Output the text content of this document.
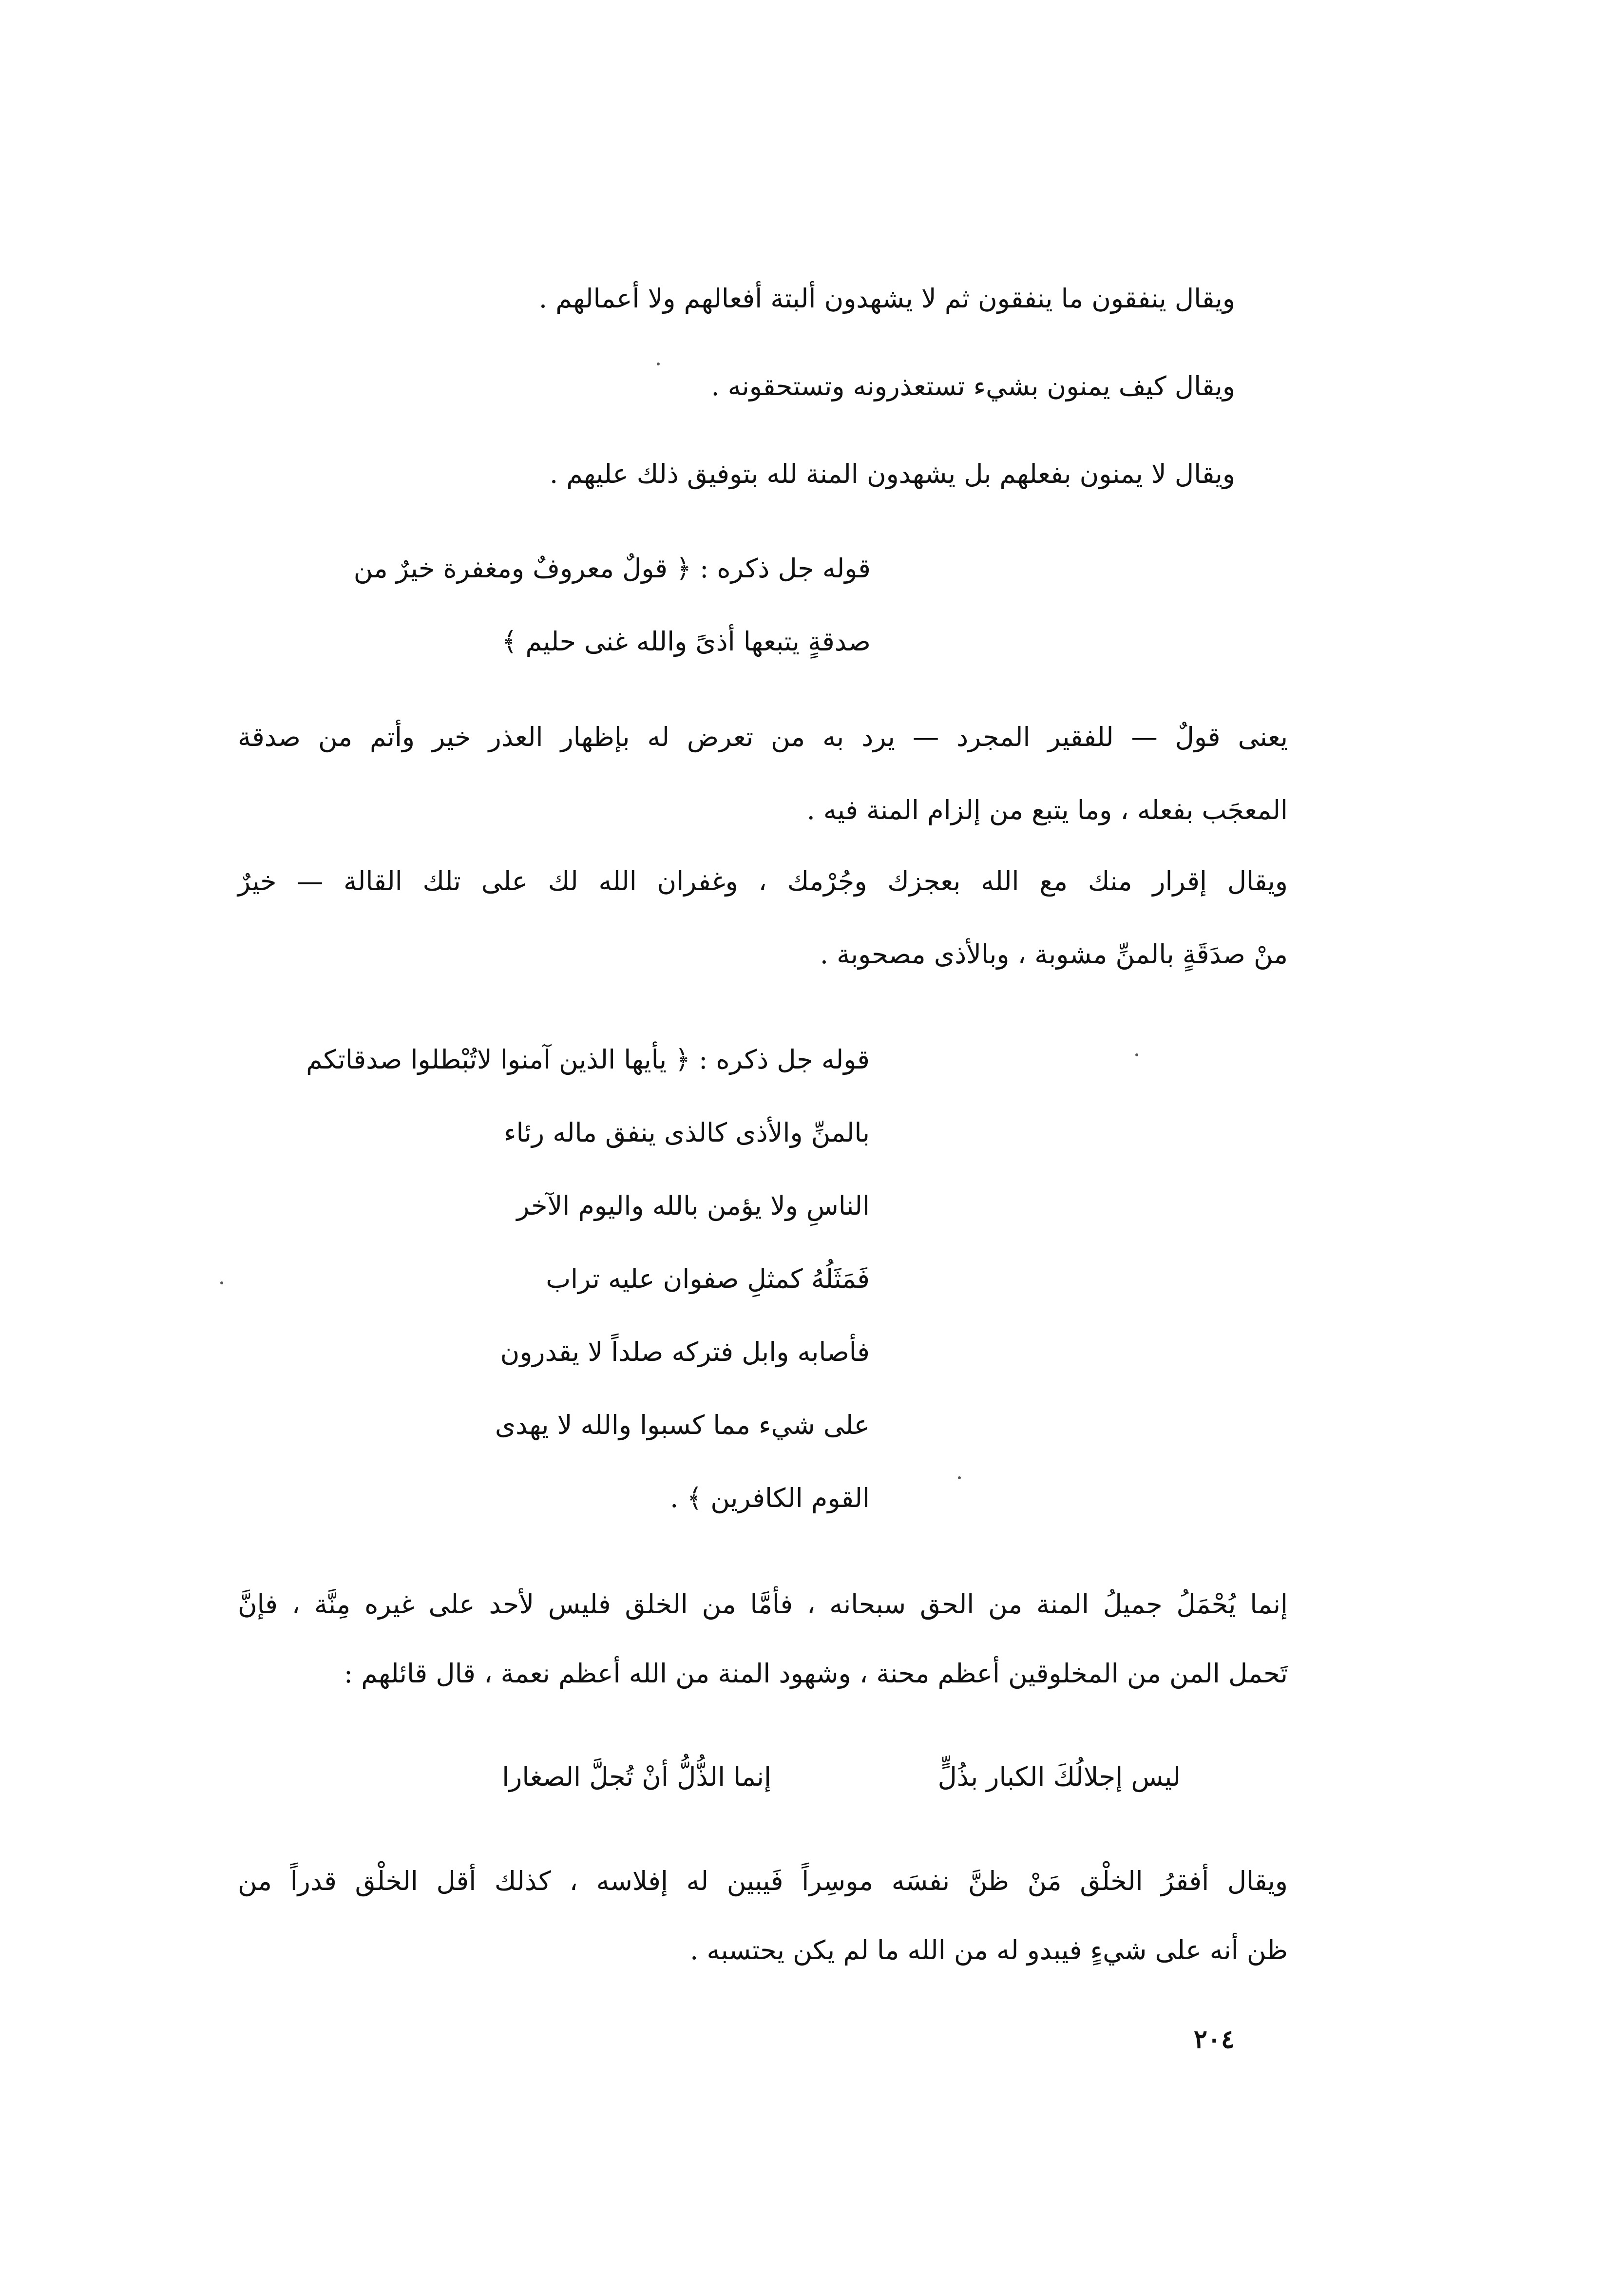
ويقال ينفقون ما ينفقون ثم لا يشهدون ألبتة أفعالهم ولا أعمالهم .
ويقال كيف يمنون بشيء تستعذرونه وتستحقونه .
ويقال لا يمنون بفعلهم بل يشهدون المنة لله بتوفيق ذلك عليهم .
قوله جل ذكره : ﴿ قولٌ معروفٌ ومغفرة خيرٌ من
صدقةٍ يتبعها أذىً والله غنى حليم ﴾
يعنى قولٌ — للفقير المجرد — يرد به من تعرض له بإظهار العذر خير وأتم من صدقة
المعجَب بفعله ، وما يتبع من إلزام المنة فيه .
ويقال إقرار منك مع الله بعجزك وجُرْمك ، وغفران الله لك على تلك القالة — خيرٌ
منْ صدَقَةٍ بالمنِّ مشوبة ، وبالأذى مصحوبة .
قوله جل ذكره : ﴿ يأيها الذين آمنوا لاتُبْطلوا صدقاتكم
بالمنِّ والأذى كالذى ينفق ماله رئاء
الناسِ ولا يؤمن بالله واليوم الآخر
فَمَثَلُهُ كمثلِ صفوان عليه تراب
فأصابه وابل فتركه صلداً لا يقدرون
على شيء مما كسبوا والله لا يهدى
القوم الكافرين ﴾ .
إنما يُحْمَلُ جميلُ المنة من الحق سبحانه ، فأمَّا من الخلق فليس لأحد على غيره مِنَّة ، فإنَّ
تَحمل المن من المخلوقين أعظم محنة ، وشهود المنة من الله أعظم نعمة ، قال قائلهم :
ليس إجلالُكَ الكبار بذُلٍّ
إنما الذُّلُّ أنْ تُجلَّ الصغارا
ويقال أفقرُ الخلْق مَنْ ظنَّ نفسَه موسِراً فَيبين له إفلاسه ، كذلك أقل الخلْق قدراً من
ظن أنه على شيءٍ فيبدو له من الله ما لم يكن يحتسبه .
٢٠٤
